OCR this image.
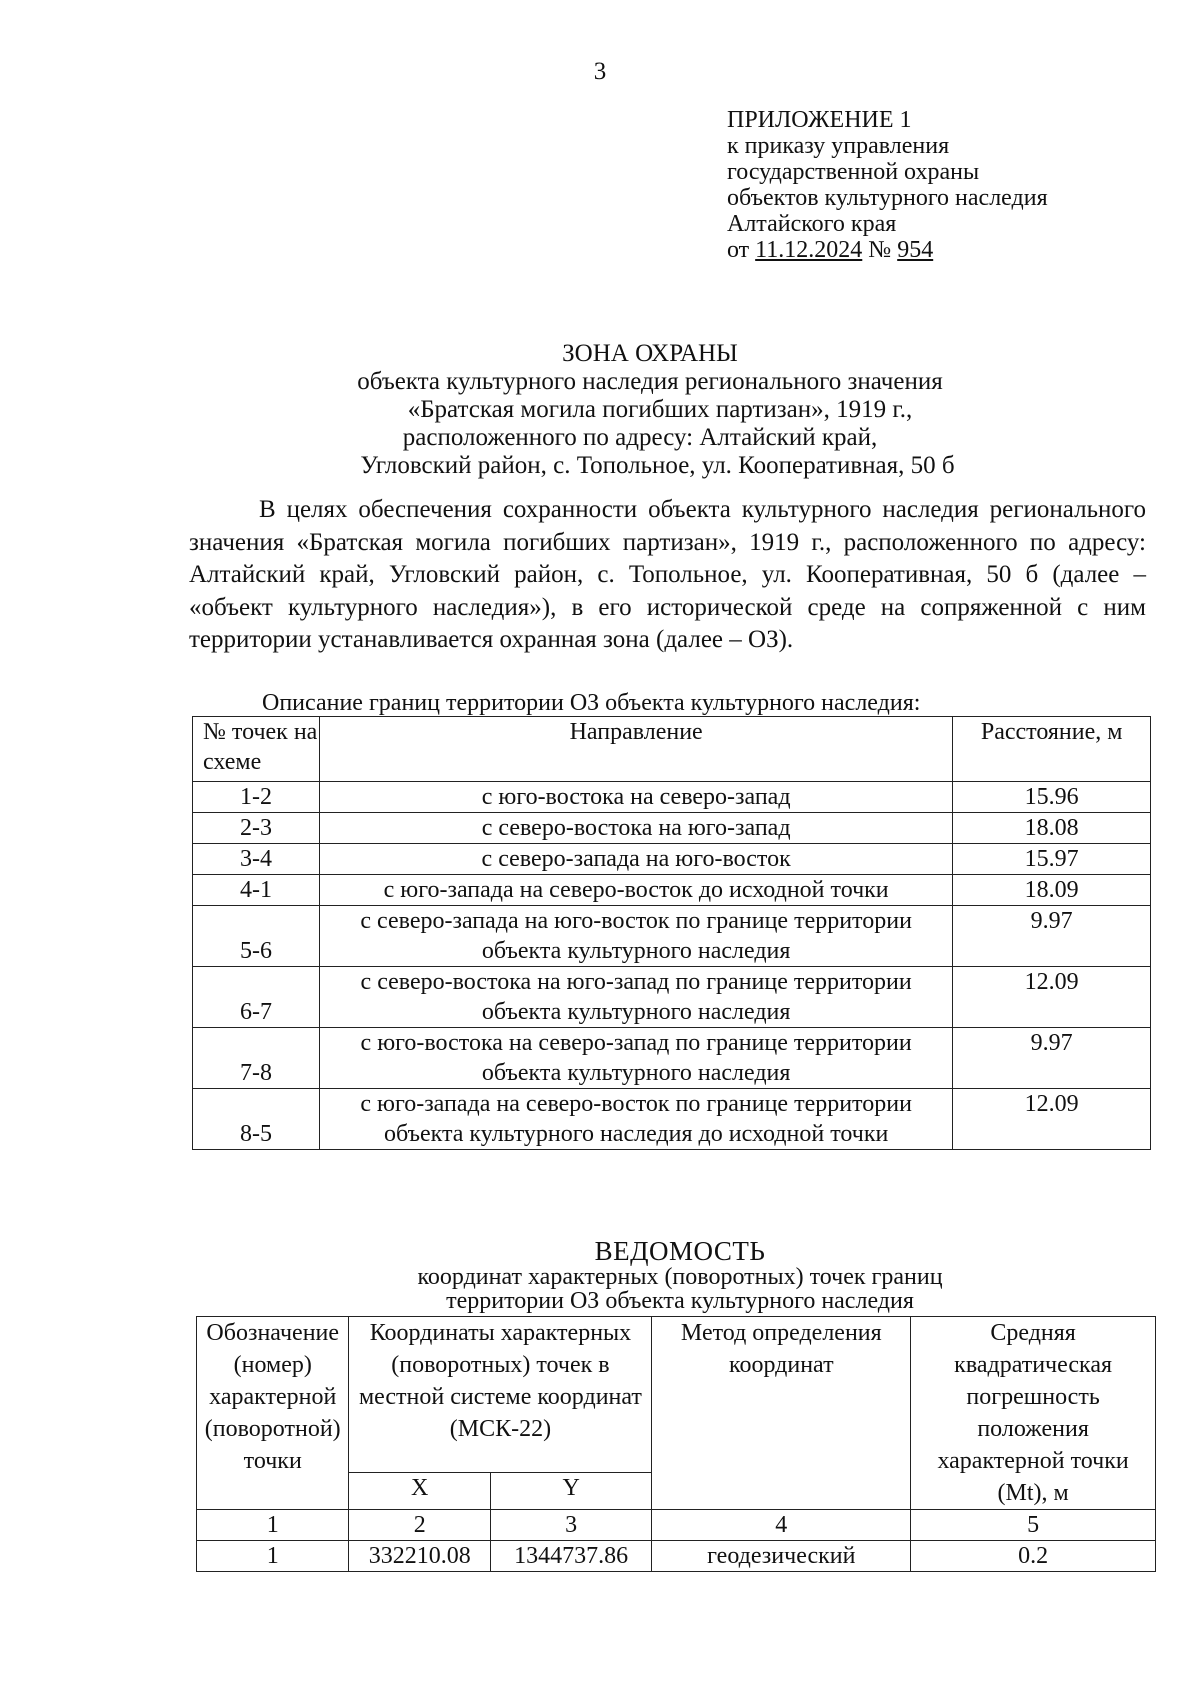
3
ПРИЛОЖЕНИЕ 1
к приказу управления
государственной охраны
объектов культурного наследия
Алтайского края
от 11.12.2024 № 954
ЗОНА ОХРАНЫ
объекта культурного наследия регионального значения
«Братская могила погибших партизан», 1919 г.,
расположенного по адресу: Алтайский край,
Угловский район, с. Топольное, ул. Кооперативная, 50 б

В целях обеспечения сохранности объекта культурного наследия регионального значения «Братская могила погибших партизан», 1919 г., расположенного по адресу: Алтайский край, Угловский район, с. Топольное, ул. Кооперативная, 50 б (далее – «объект культурного наследия»), в его исторической среде на сопряженной с ним территории устанавливается охранная зона (далее – ОЗ).

Описание границ территории ОЗ объекта культурного наследия:
№ точек на схеме	Направление	Расстояние, м
1-2	с юго-востока на северо-запад	15.96
2-3	с северо-востока на юго-запад	18.08
3-4	с северо-запада на юго-восток	15.97
4-1	с юго-запада на северо-восток до исходной точки	18.09
5-6	с северо-запада на юго-восток по границе территории объекта культурного наследия	9.97
6-7	с северо-востока на юго-запад по границе территории объекта культурного наследия	12.09
7-8	с юго-востока на северо-запад по границе территории объекта культурного наследия	9.97
8-5	с юго-запада на северо-восток по границе территории объекта культурного наследия до исходной точки	12.09
ВЕДОМОСТЬ
координат характерных (поворотных) точек границ
территории ОЗ объекта культурного наследия
Обозначение (номер) характерной (поворотной) точки	Координаты характерных (поворотных) точек в местной системе координат (МСК-22)		Метод определения координат	Средняя квадратическая погрешность положения характерной точки (Mt), м
	X	Y		
1	2	3	4	5
1	332210.08	1344737.86	геодезический	0.2
